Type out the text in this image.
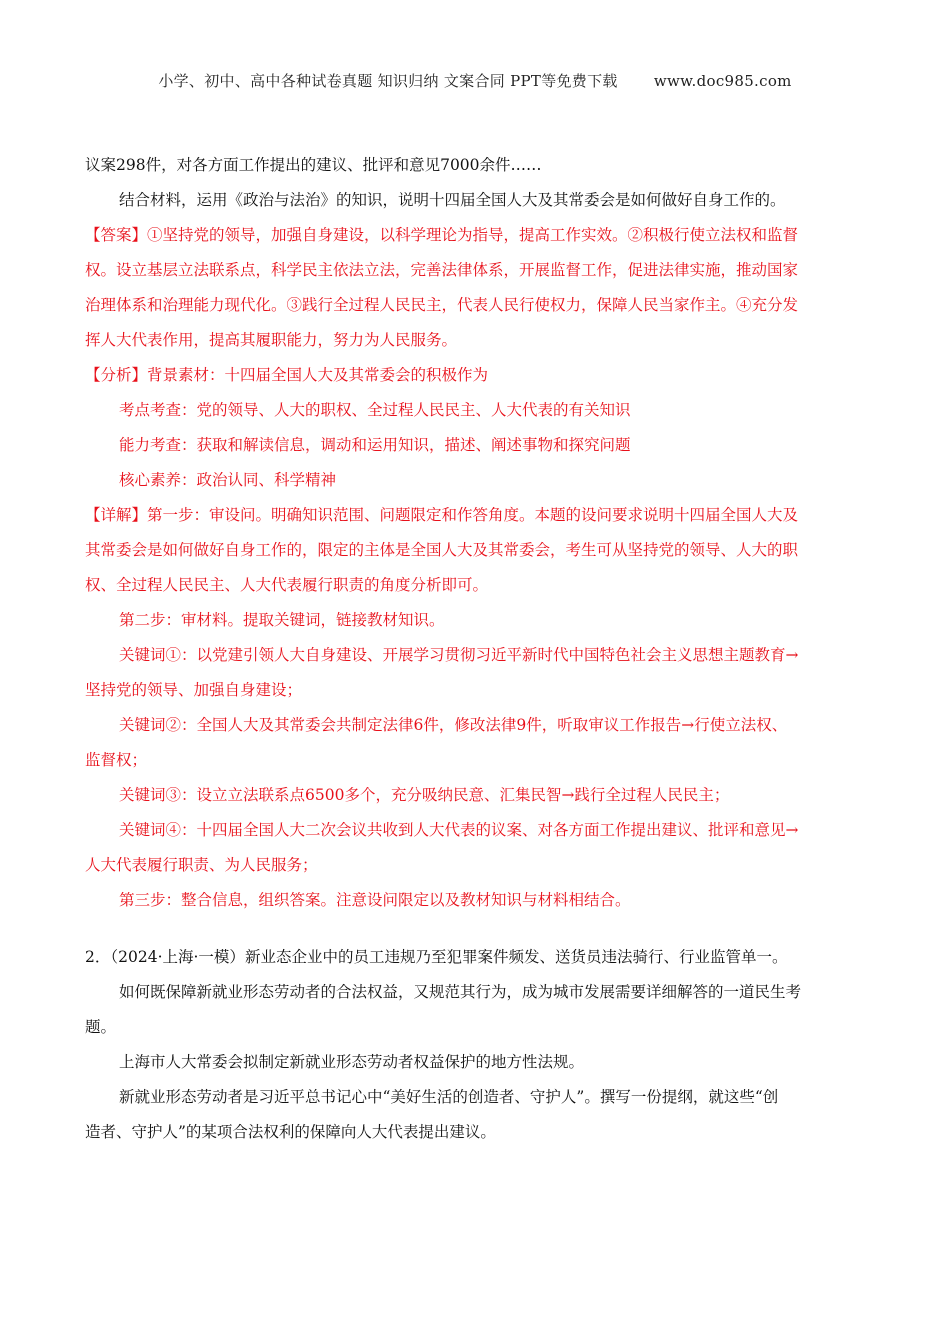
小学、初中、高中各种试卷真题 知识归纳 文案合同 PPT等免费下载 www.doc985.com

议案298件，对各方面工作提出的建议、批评和意见7000余件……

结合材料，运用《政治与法治》的知识，说明十四届全国人大及其常委会是如何做好自身工作的。

【答案】①坚持党的领导，加强自身建设，以科学理论为指导，提高工作实效。②积极行使立法权和监督

权。设立基层立法联系点，科学民主依法立法，完善法律体系，开展监督工作，促进法律实施，推动国家

治理体系和治理能力现代化。③践行全过程人民民主，代表人民行使权力，保障人民当家作主。④充分发

挥人大代表作用，提高其履职能力，努力为人民服务。

【分析】背景素材：十四届全国人大及其常委会的积极作为

考点考查：党的领导、人大的职权、全过程人民民主、人大代表的有关知识

能力考查：获取和解读信息，调动和运用知识，描述、阐述事物和探究问题

核心素养：政治认同、科学精神

【详解】第一步：审设问。明确知识范围、问题限定和作答角度。本题的设问要求说明十四届全国人大及

其常委会是如何做好自身工作的，限定的主体是全国人大及其常委会，考生可从坚持党的领导、人大的职

权、全过程人民民主、人大代表履行职责的角度分析即可。

第二步：审材料。提取关键词，链接教材知识。

关键词①：以党建引领人大自身建设、开展学习贯彻习近平新时代中国特色社会主义思想主题教育→

坚持党的领导、加强自身建设；

关键词②：全国人大及其常委会共制定法律6件，修改法律9件，听取审议工作报告→行使立法权、

监督权；

关键词③：设立立法联系点6500多个，充分吸纳民意、汇集民智→践行全过程人民民主；

关键词④：十四届全国人大二次会议共收到人大代表的议案、对各方面工作提出建议、批评和意见→

人大代表履行职责、为人民服务；

第三步：整合信息，组织答案。注意设问限定以及教材知识与材料相结合。

2．（2024·上海·一模）新业态企业中的员工违规乃至犯罪案件频发、送货员违法骑行、行业监管单一。

如何既保障新就业形态劳动者的合法权益，又规范其行为，成为城市发展需要详细解答的一道民生考

题。

上海市人大常委会拟制定新就业形态劳动者权益保护的地方性法规。

新就业形态劳动者是习近平总书记心中“美好生活的创造者、守护人”。撰写一份提纲，就这些“创

造者、守护人”的某项合法权利的保障向人大代表提出建议。
